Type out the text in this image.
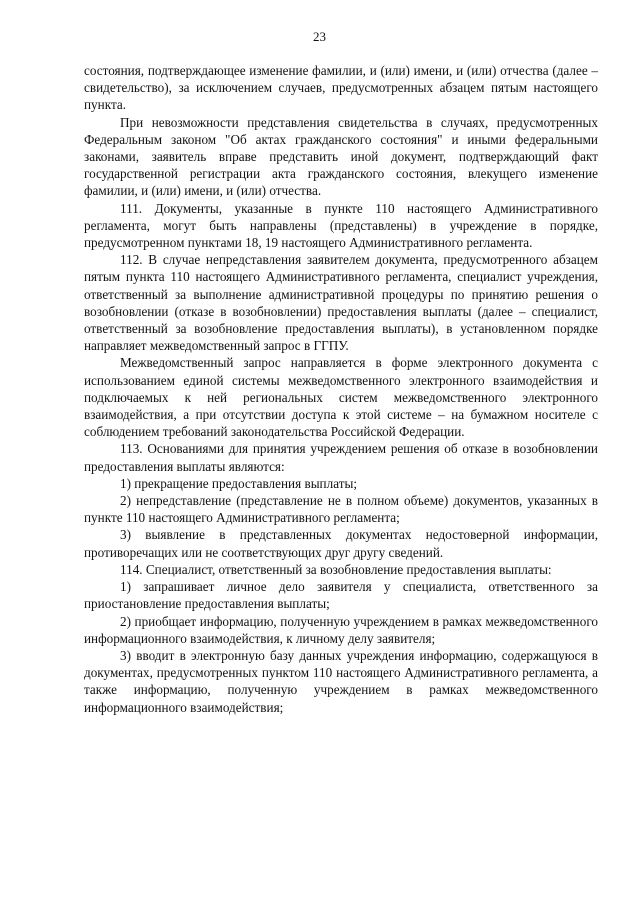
23

состояния, подтверждающее изменение фамилии, и (или) имени, и (или) отчества (далее – свидетельство), за исключением случаев, предусмотренных абзацем пятым настоящего пункта.

При невозможности представления свидетельства в случаях, предусмотренных Федеральным законом "Об актах гражданского состояния" и иными федеральными законами, заявитель вправе представить иной документ, подтверждающий факт государственной регистрации акта гражданского состояния, влекущего изменение фамилии, и (или) имени, и (или) отчества.

111. Документы, указанные в пункте 110 настоящего Административного регламента, могут быть направлены (представлены) в учреждение в порядке, предусмотренном пунктами 18, 19 настоящего Административного регламента.

112. В случае непредставления заявителем документа, предусмотренного абзацем пятым пункта 110 настоящего Административного регламента, специалист учреждения, ответственный за выполнение административной процедуры по принятию решения о возобновлении (отказе в возобновлении) предоставления выплаты (далее – специалист, ответственный за возобновление предоставления выплаты), в установленном порядке направляет межведомственный запрос в ГГПУ.

Межведомственный запрос направляется в форме электронного документа с использованием единой системы межведомственного электронного взаимодействия и подключаемых к ней региональных систем межведомственного электронного взаимодействия, а при отсутствии доступа к этой системе – на бумажном носителе с соблюдением требований законодательства Российской Федерации.

113. Основаниями для принятия учреждением решения об отказе в возобновлении предоставления выплаты являются:

1) прекращение предоставления выплаты;

2) непредставление (представление не в полном объеме) документов, указанных в пункте 110 настоящего Административного регламента;

3) выявление в представленных документах недостоверной информации, противоречащих или не соответствующих друг другу сведений.

114. Специалист, ответственный за возобновление предоставления выплаты:

1) запрашивает личное дело заявителя у специалиста, ответственного за приостановление предоставления выплаты;

2) приобщает информацию, полученную учреждением в рамках межведомственного информационного взаимодействия, к личному делу заявителя;

3) вводит в электронную базу данных учреждения информацию, содержащуюся в документах, предусмотренных пунктом 110 настоящего Административного регламента, а также информацию, полученную учреждением в рамках межведомственного информационного взаимодействия;
